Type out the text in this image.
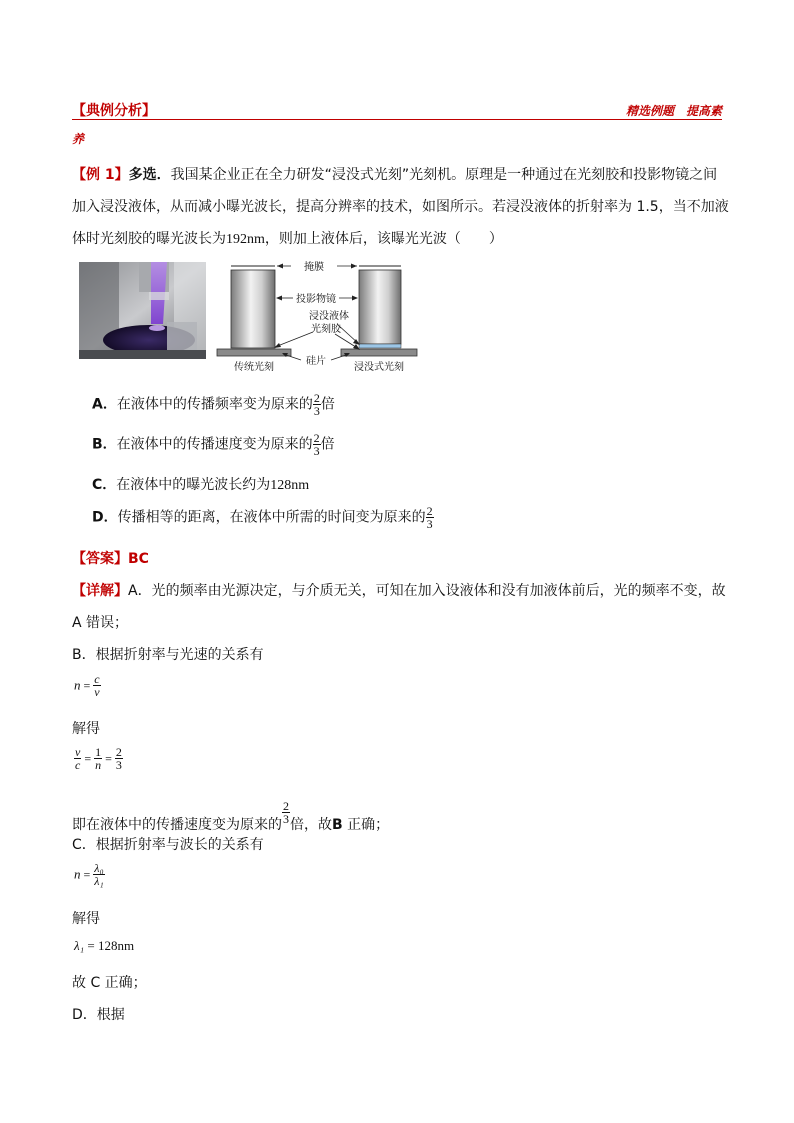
【典例分析】	精选例题　提高素
养
【例 1】多选．我国某企业正在全力研发“浸没式光刻”光刻机。原理是一种通过在光刻胶和投影物镜之间
加入浸没液体，从而减小曝光波长，提高分辨率的技术，如图所示。若浸没液体的折射率为 1.5，当不加液
体时光刻胶的曝光波长为192nm，则加上液体后，该曝光光波（　　）
掩膜
投影物镜
浸没液体
光刻胶
硅片
传统光刻	浸没式光刻
A．在液体中的传播频率变为原来的 $\frac{2}{3}$ 倍
B．在液体中的传播速度变为原来的 $\frac{2}{3}$ 倍
C．在液体中的曝光波长约为128nm
D．传播相等的距离，在液体中所需的时间变为原来的 $\frac{2}{3}$
【答案】BC
【详解】A．光的频率由光源决定，与介质无关，可知在加入设液体和没有加液体前后，光的频率不变，故
A 错误；
B．根据折射率与光速的关系有
$n = \frac{c}{v}$
解得
$\frac{v}{c} = \frac{1}{n} = \frac{2}{3}$
即在液体中的传播速度变为原来的 $\frac{2}{3}$ 倍，故B 正确；
C．根据折射率与波长的关系有
$n = \frac{\text{λ₀}}{\text{λ₁}}$
解得
λ₁ = 128nm
故 C 正确；
D．根据
